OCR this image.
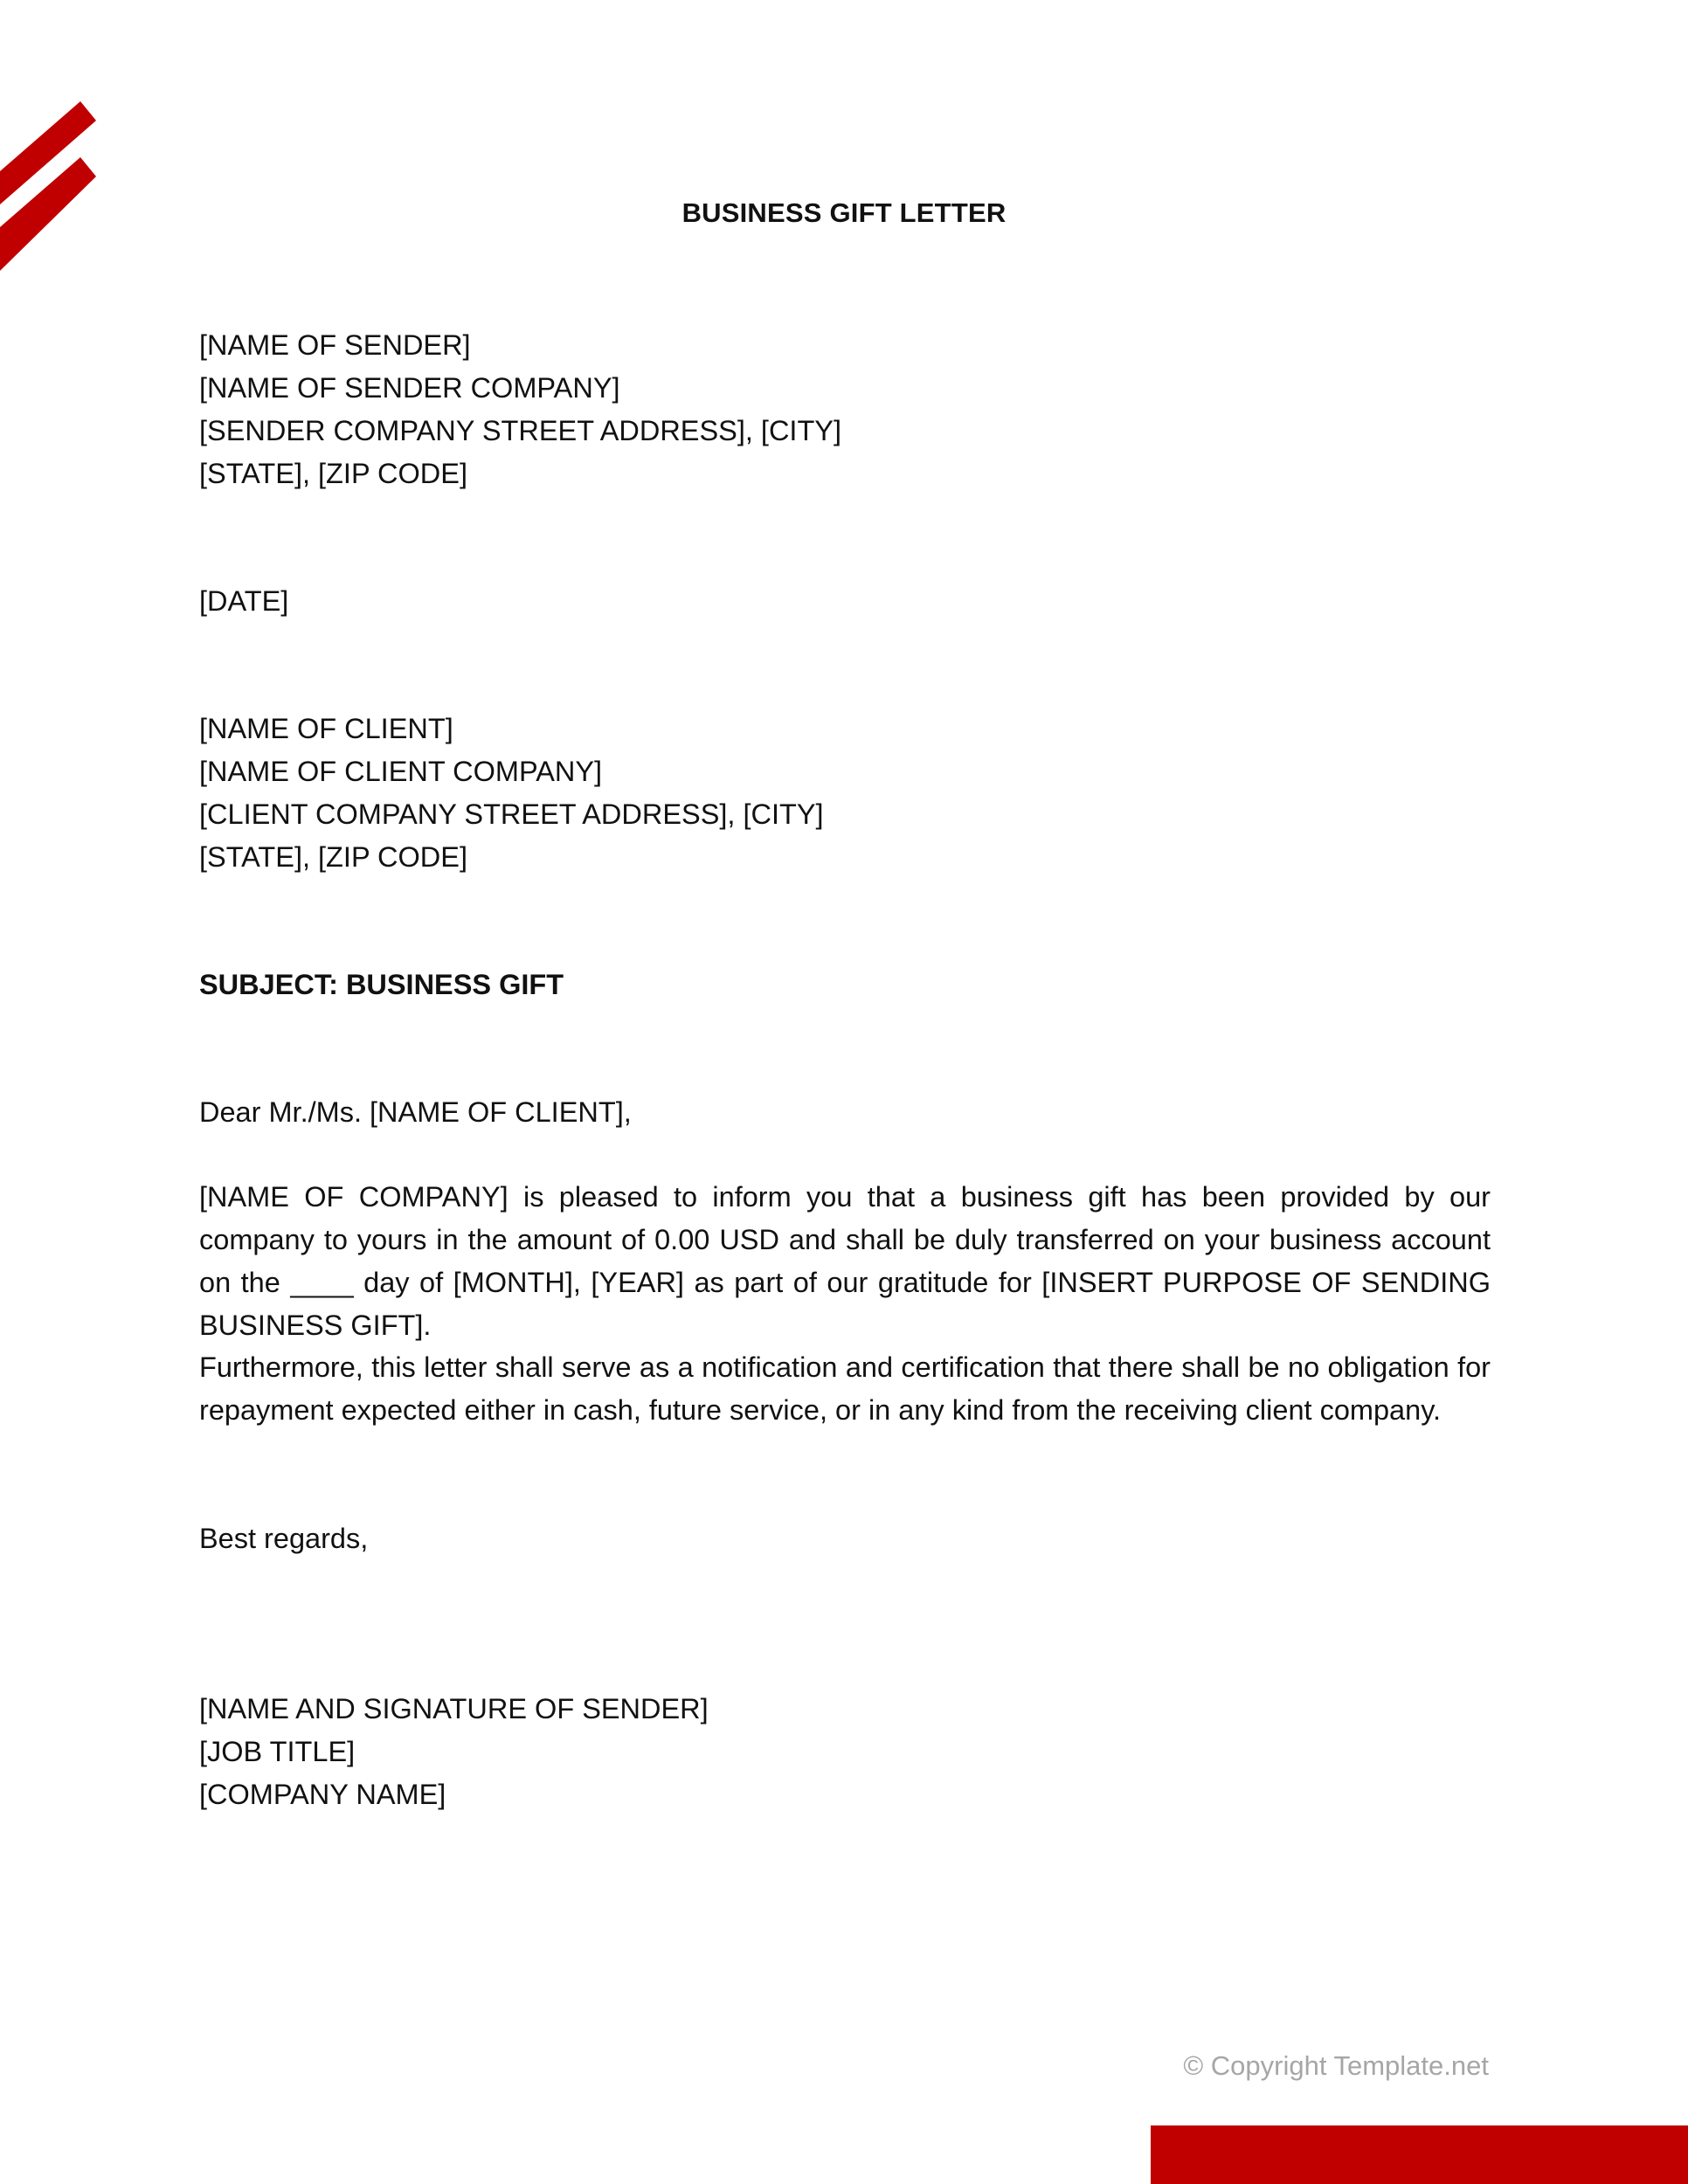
BUSINESS GIFT LETTER
[NAME OF SENDER]
[NAME OF SENDER COMPANY]
[SENDER COMPANY STREET ADDRESS], [CITY]
[STATE], [ZIP CODE]
[DATE]
[NAME OF CLIENT]
[NAME OF CLIENT COMPANY]
[CLIENT COMPANY STREET ADDRESS], [CITY]
[STATE], [ZIP CODE]
SUBJECT: BUSINESS GIFT
Dear Mr./Ms. [NAME OF CLIENT],
[NAME OF COMPANY] is pleased to inform you that a business gift has been provided by our company to yours in the amount of 0.00 USD and shall be duly transferred on your business account on the ____ day of [MONTH], [YEAR] as part of our gratitude for [INSERT PURPOSE OF SENDING BUSINESS GIFT].
Furthermore, this letter shall serve as a notification and certification that there shall be no obligation for repayment expected either in cash, future service, or in any kind from the receiving client company.
Best regards,
[NAME AND SIGNATURE OF SENDER]
[JOB TITLE]
[COMPANY NAME]
© Copyright Template.net
